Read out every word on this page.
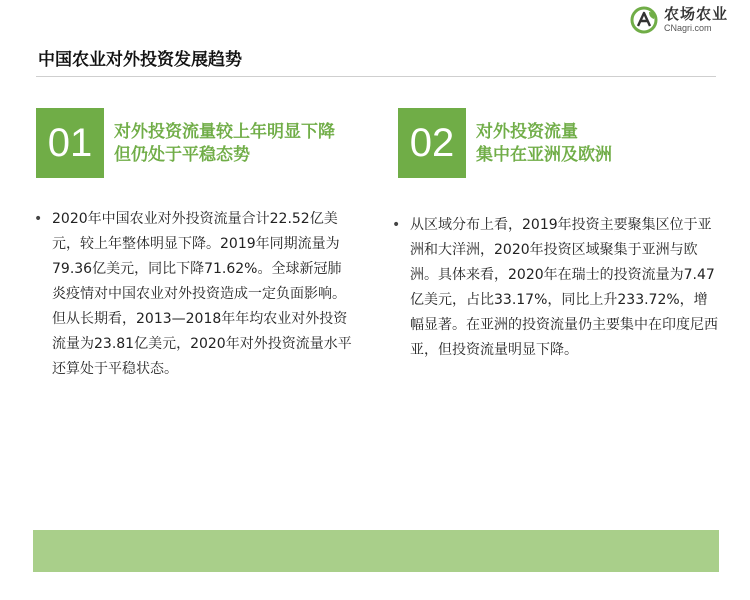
农场农业
CNagri.com
中国农业对外投资发展趋势
01	对外投资流量较上年明显下降
但仍处于平稳态势
• 2020年中国农业对外投资流量合计22.52亿美元，较上年整体明显下降。2019年同期流量为79.36亿美元，同比下降71.62%。全球新冠肺炎疫情对中国农业对外投资造成一定负面影响。但从长期看，2013—2018年年均农业对外投资流量为23.81亿美元，2020年对外投资流量水平还算处于平稳状态。

02	对外投资流量
集中在亚洲及欧洲
• 从区域分布上看，2019年投资主要聚集区位于亚洲和大洋洲，2020年投资区域聚集于亚洲与欧洲。具体来看，2020年在瑞士的投资流量为7.47亿美元，占比33.17%，同比上升233.72%，增幅显著。在亚洲的投资流量仍主要集中在印度尼西亚，但投资流量明显下降。
